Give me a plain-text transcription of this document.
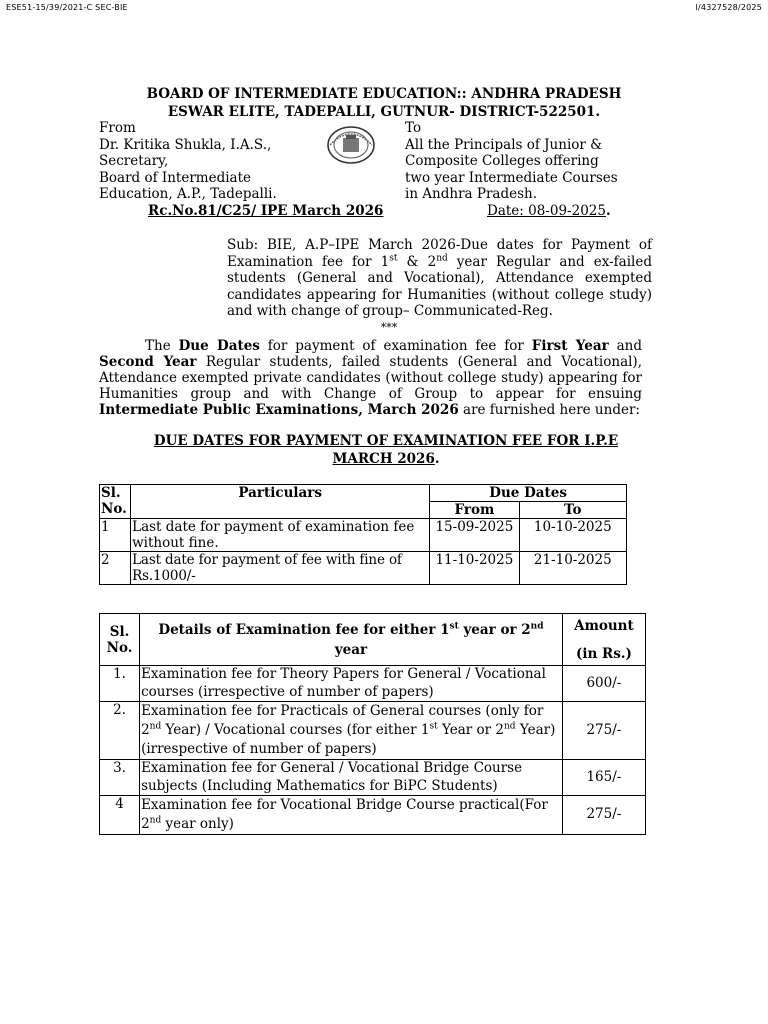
ESE51-15/39/2021-C SEC-BIE	I/4327528/2025
BOARD OF INTERMEDIATE EDUCATION:: ANDHRA PRADESH
ESWAR ELITE, TADEPALLI, GUTNUR- DISTRICT-522501.
From
Dr. Kritika Shukla, I.A.S.,
Secretary,
Board of Intermediate
Education, A.P., Tadepalli.
To
All the Principals of Junior &
Composite Colleges offering
two year Intermediate Courses
in Andhra Pradesh.
Rc.No.81/C25/ IPE March 2026	Date: 08-09-2025.
Sub: BIE, A.P–IPE March 2026-Due dates for Payment of Examination fee for 1st & 2nd year Regular and ex-failed students (General and Vocational), Attendance exempted candidates appearing for Humanities (without college study) and with change of group– Communicated-Reg.
***
The Due Dates for payment of examination fee for First Year and Second Year Regular students, failed students (General and Vocational), Attendance exempted private candidates (without college study) appearing for Humanities group and with Change of Group to appear for ensuing Intermediate Public Examinations, March 2026 are furnished here under:
DUE DATES FOR PAYMENT OF EXAMINATION FEE FOR I.P.E
MARCH 2026.
Sl. No.	Particulars	Due Dates	
		From	To
1	Last date for payment of examination fee without fine.	15-09-2025	10-10-2025
2	Last date for payment of fee with fine of Rs.1000/-	11-10-2025	21-10-2025
Sl. No.	Details of Examination fee for either 1st year or 2nd year	Amount
(in Rs.)

1.	Examination fee for Theory Papers for General / Vocational courses (irrespective of number of papers)	600/-
2.	Examination fee for Practicals of General courses (only for 2nd Year) / Vocational courses (for either 1st Year or 2nd Year)(irrespective of number of papers)	275/-
3.	Examination fee for General / Vocational Bridge Course subjects (Including Mathematics for BiPC Students)	165/-
4	Examination fee for Vocational Bridge Course practical(For 2nd year only)	275/-
